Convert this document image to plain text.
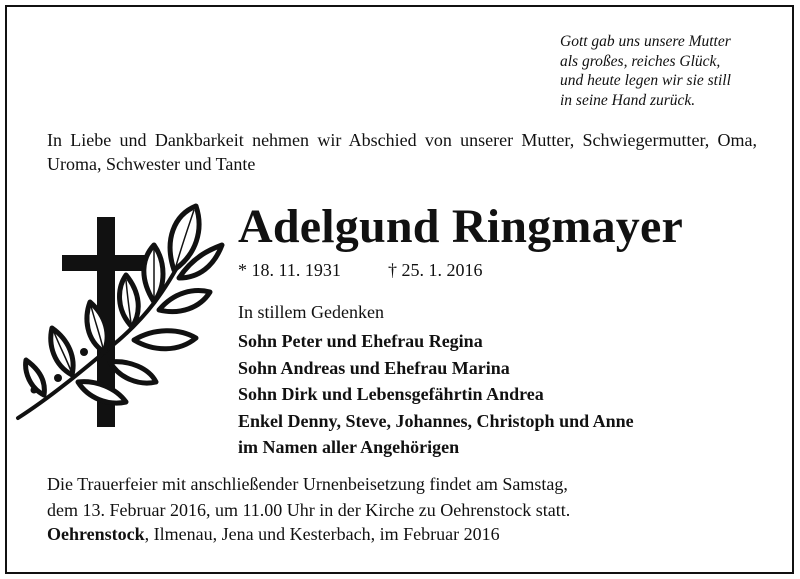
Gott gab uns unsere Mutter
als großes, reiches Glück,
und heute legen wir sie still
in seine Hand zurück.
In Liebe und Dankbarkeit nehmen wir Abschied von unserer Mutter, Schwiegermutter, Oma, Uroma, Schwester und Tante
Adelgund Ringmayer
* 18. 11. 1931	† 25. 1. 2016
In stillem Gedenken
Sohn Peter und Ehefrau Regina
Sohn Andreas und Ehefrau Marina
Sohn Dirk und Lebensgefährtin Andrea
Enkel Denny, Steve, Johannes, Christoph und Anne
im Namen aller Angehörigen
Die Trauerfeier mit anschließender Urnenbeisetzung findet am Samstag,
dem 13. Februar 2016, um 11.00 Uhr in der Kirche zu Oehrenstock statt.
Oehrenstock, Ilmenau, Jena und Kesterbach, im Februar 2016
